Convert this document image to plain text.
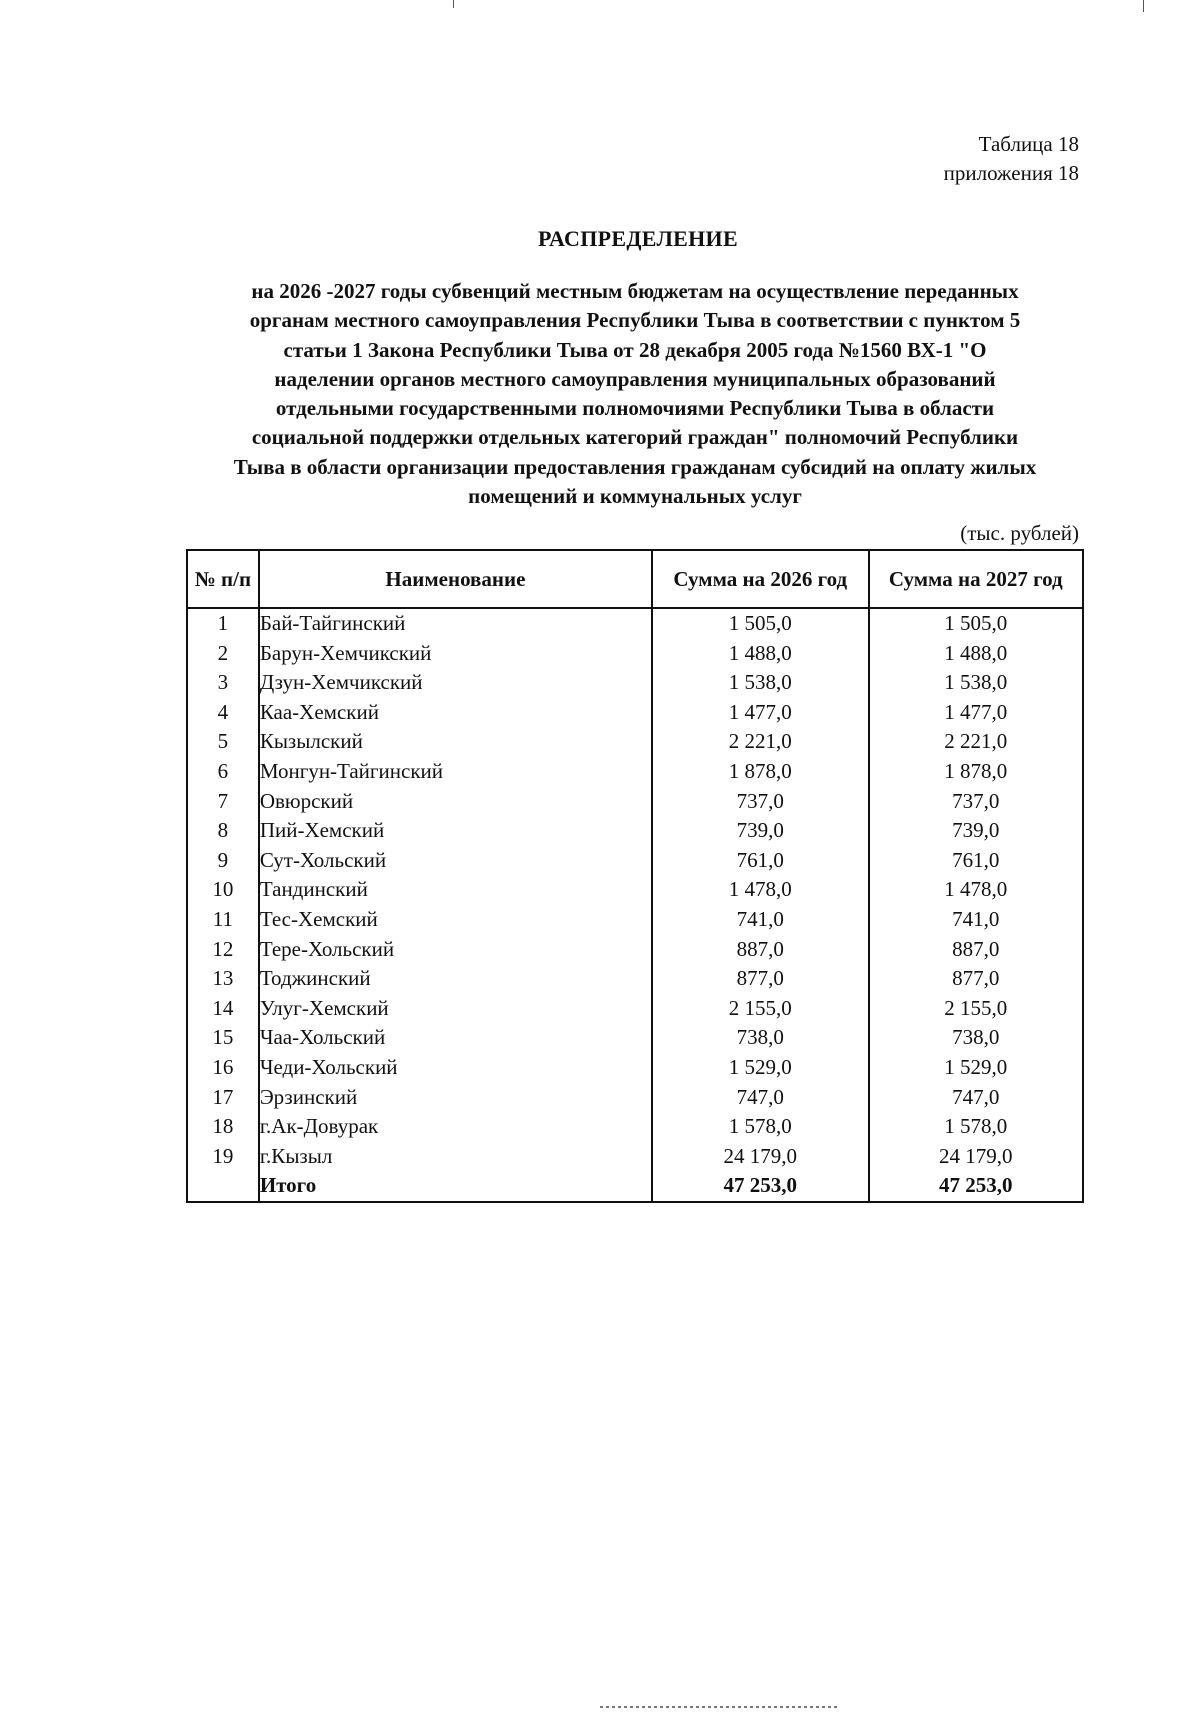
Таблица 18
приложения 18
РАСПРЕДЕЛЕНИЕ
на 2026 -2027 годы субвенций местным бюджетам на осуществление переданных
органам местного самоуправления Республики Тыва в соответствии с пунктом 5
статьи 1 Закона Республики Тыва от 28 декабря 2005 года №1560 ВХ-1 "О
наделении органов местного самоуправления муниципальных образований
отдельными государственными полномочиями Республики Тыва в области
социальной поддержки отдельных категорий граждан" полномочий Республики
Тыва в области организации предоставления гражданам субсидий на оплату жилых
помещений и коммунальных услуг
(тыс. рублей)
№ п/п	Наименование	Сумма на 2026 год	Сумма на 2027 год
1	Бай-Тайгинский	1 505,0	1 505,0
2	Барун-Хемчикский	1 488,0	1 488,0
3	Дзун-Хемчикский	1 538,0	1 538,0
4	Каа-Хемский	1 477,0	1 477,0
5	Кызылский	2 221,0	2 221,0
6	Монгун-Тайгинский	1 878,0	1 878,0
7	Овюрский	737,0	737,0
8	Пий-Хемский	739,0	739,0
9	Сут-Хольский	761,0	761,0
10	Тандинский	1 478,0	1 478,0
11	Тес-Хемский	741,0	741,0
12	Тере-Хольский	887,0	887,0
13	Тоджинский	877,0	877,0
14	Улуг-Хемский	2 155,0	2 155,0
15	Чаа-Хольский	738,0	738,0
16	Чеди-Хольский	1 529,0	1 529,0
17	Эрзинский	747,0	747,0
18	г.Ак-Довурак	1 578,0	1 578,0
19	г.Кызыл	24 179,0	24 179,0
	Итого	47 253,0	47 253,0
